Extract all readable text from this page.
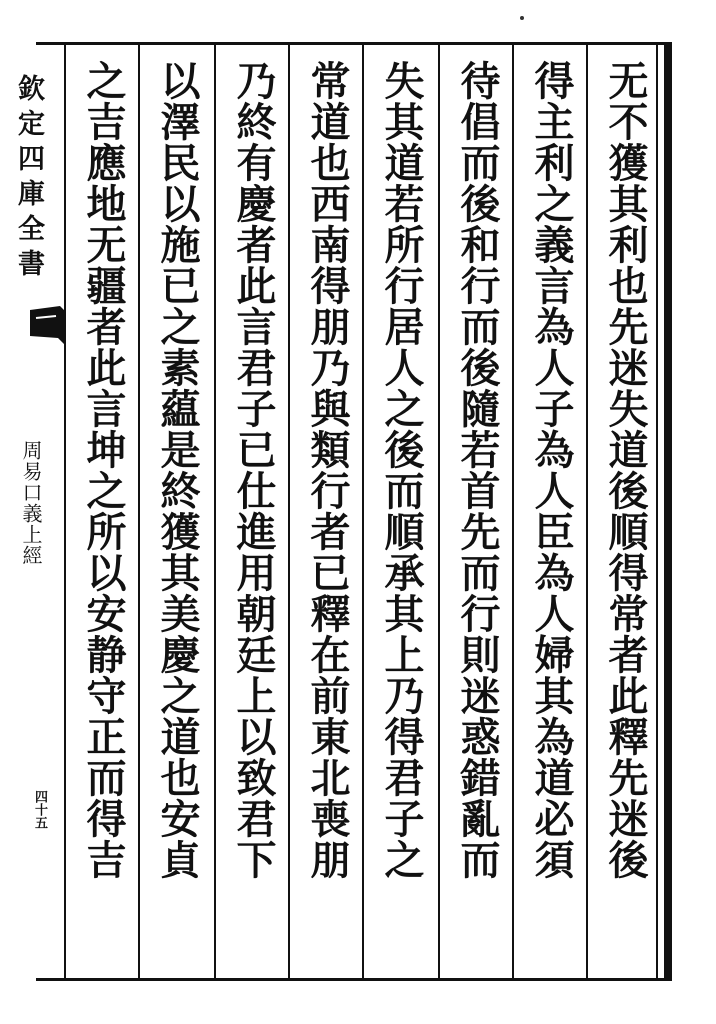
欽定四庫全書
周易口義上經
四十五	无不獲其利也先迷失道後順得常者此釋先迷後
得主利之義言為人子為人臣為人婦其為道必須
待倡而後和行而後隨若首先而行則迷惑錯亂而
失其道若所行居人之後而順承其上乃得君子之
常道也西南得朋乃與類行者已釋在前東北喪朋
乃終有慶者此言君子已仕進用朝廷上以致君下
以澤民以施已之素藴是終獲其美慶之道也安貞
之吉應地无疆者此言坤之所以安静守正而得吉
